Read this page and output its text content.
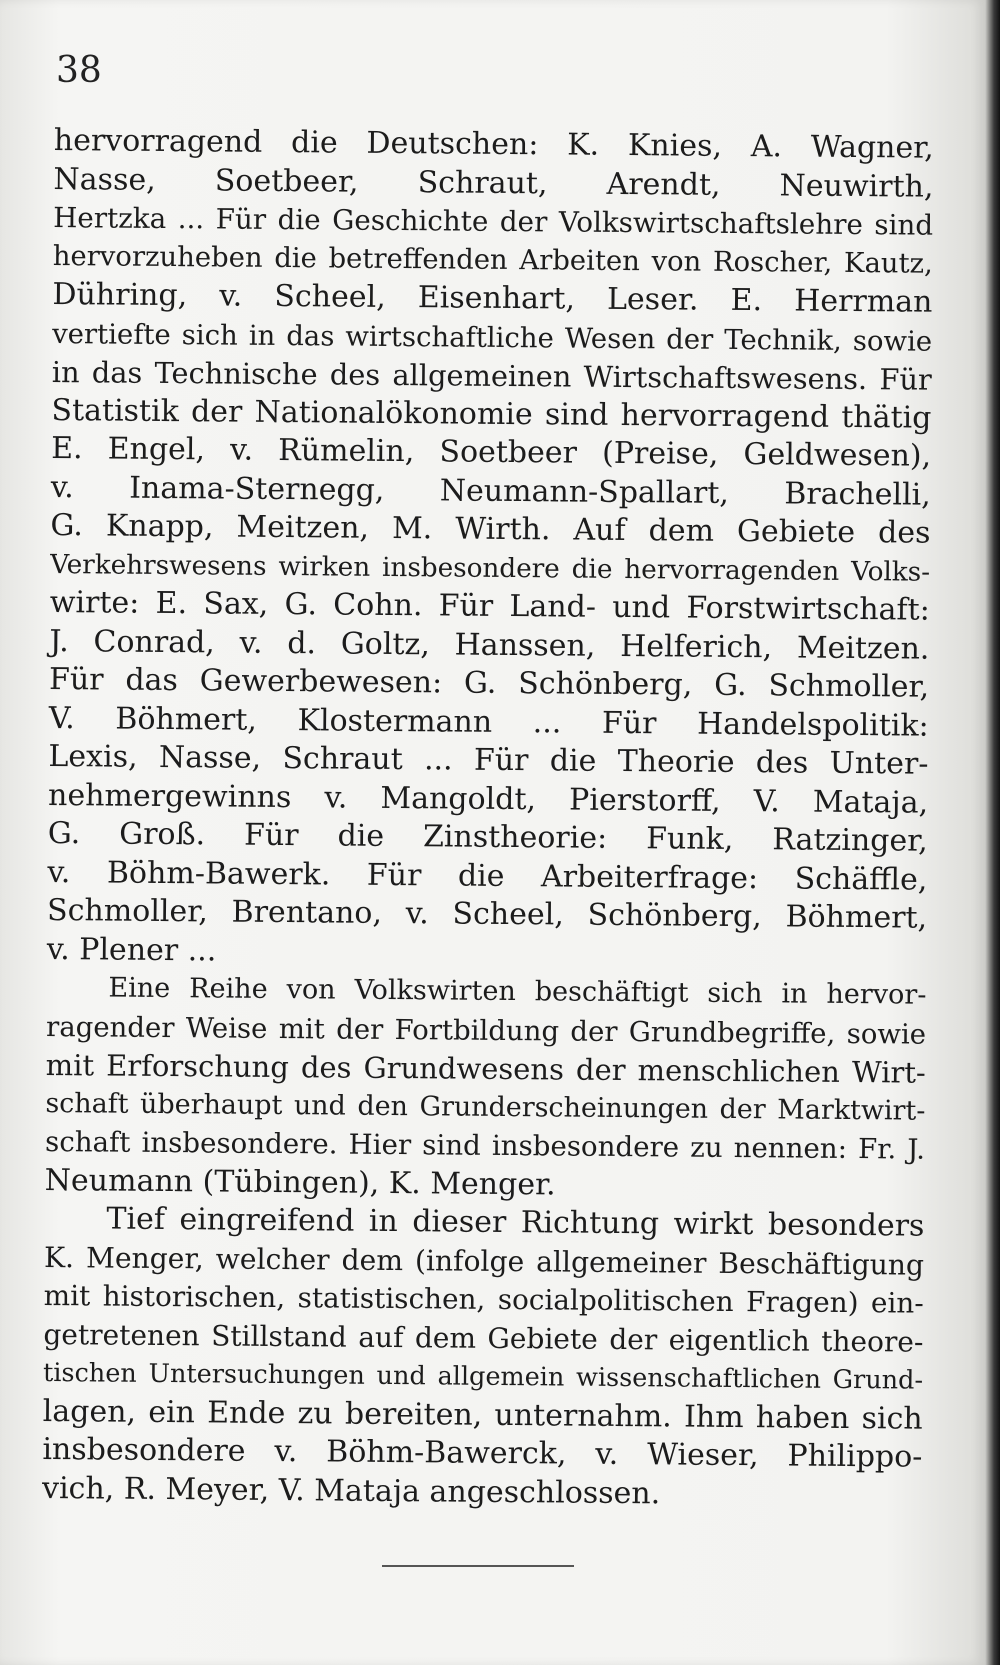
38
hervorragend die Deutschen: K. Knies, A. Wagner,
Nasse, Soetbeer, Schraut, Arendt, Neuwirth,
Hertzka ... Für die Geschichte der Volkswirtschaftslehre sind
hervorzuheben die betreffenden Arbeiten von Roscher, Kautz,
Dühring, v. Scheel, Eisenhart, Leser. E. Herrman
vertiefte sich in das wirtschaftliche Wesen der Technik, sowie
in das Technische des allgemeinen Wirtschaftswesens. Für
Statistik der Nationalökonomie sind hervorragend thätig
E. Engel, v. Rümelin, Soetbeer (Preise, Geldwesen),
v. Inama-Sternegg, Neumann-Spallart, Brachelli,
G. Knapp, Meitzen, M. Wirth. Auf dem Gebiete des
Verkehrswesens wirken insbesondere die hervorragenden Volks-
wirte: E. Sax, G. Cohn. Für Land- und Forstwirtschaft:
J. Conrad, v. d. Goltz, Hanssen, Helferich, Meitzen.
Für das Gewerbewesen: G. Schönberg, G. Schmoller,
V. Böhmert, Klostermann ... Für Handelspolitik:
Lexis, Nasse, Schraut ... Für die Theorie des Unter-
nehmergewinns v. Mangoldt, Pierstorff, V. Mataja,
G. Groß. Für die Zinstheorie: Funk, Ratzinger,
v. Böhm-Bawerk. Für die Arbeiterfrage: Schäffle,
Schmoller, Brentano, v. Scheel, Schönberg, Böhmert,
v. Plener ...
Eine Reihe von Volkswirten beschäftigt sich in hervor-
ragender Weise mit der Fortbildung der Grundbegriffe, sowie
mit Erforschung des Grundwesens der menschlichen Wirt-
schaft überhaupt und den Grunderscheinungen der Marktwirt-
schaft insbesondere. Hier sind insbesondere zu nennen: Fr. J.
Neumann (Tübingen), K. Menger.
Tief eingreifend in dieser Richtung wirkt besonders
K. Menger, welcher dem (infolge allgemeiner Beschäftigung
mit historischen, statistischen, socialpolitischen Fragen) ein-
getretenen Stillstand auf dem Gebiete der eigentlich theore-
tischen Untersuchungen und allgemein wissenschaftlichen Grund-
lagen, ein Ende zu bereiten, unternahm. Ihm haben sich
insbesondere v. Böhm-Bawerck, v. Wieser, Philippo-
vich, R. Meyer, V. Mataja angeschlossen.
